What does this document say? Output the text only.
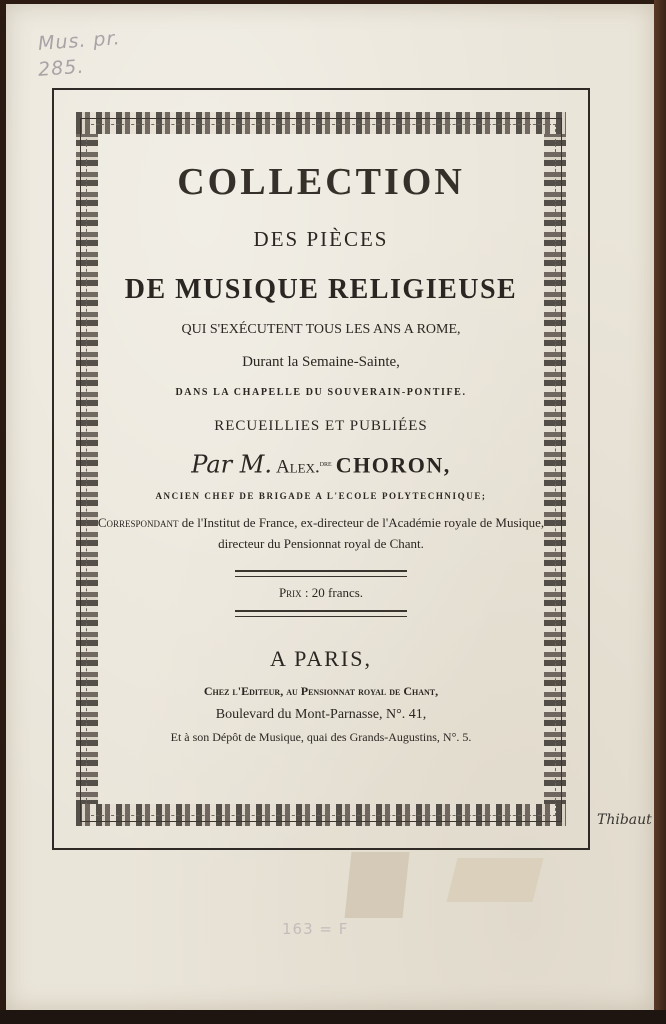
Mus. pr.
285.
COLLECTION
DES PIÈCES
DE MUSIQUE RELIGIEUSE
QUI S'EXÉCUTENT TOUS LES ANS A ROME,
Durant la Semaine-Sainte,
DANS LA CHAPELLE DU SOUVERAIN-PONTIFE.
RECUEILLIES ET PUBLIÉES
Par M. Alex.$^{dre}$ CHORON,
ANCIEN CHEF DE BRIGADE A L'ECOLE POLYTECHNIQUE;
Correspondant de l'Institut de France, ex-directeur de l'Académie royale de Musique, directeur du Pensionnat royal de Chant.
Prix : 20 francs.
A PARIS,
Chez l'Editeur, au Pensionnat royal de Chant,
Boulevard du Mont-Parnasse, N°. 41,
Et à son Dépôt de Musique, quai des Grands-Augustins, N°. 5.
Thibaut
163 = F
